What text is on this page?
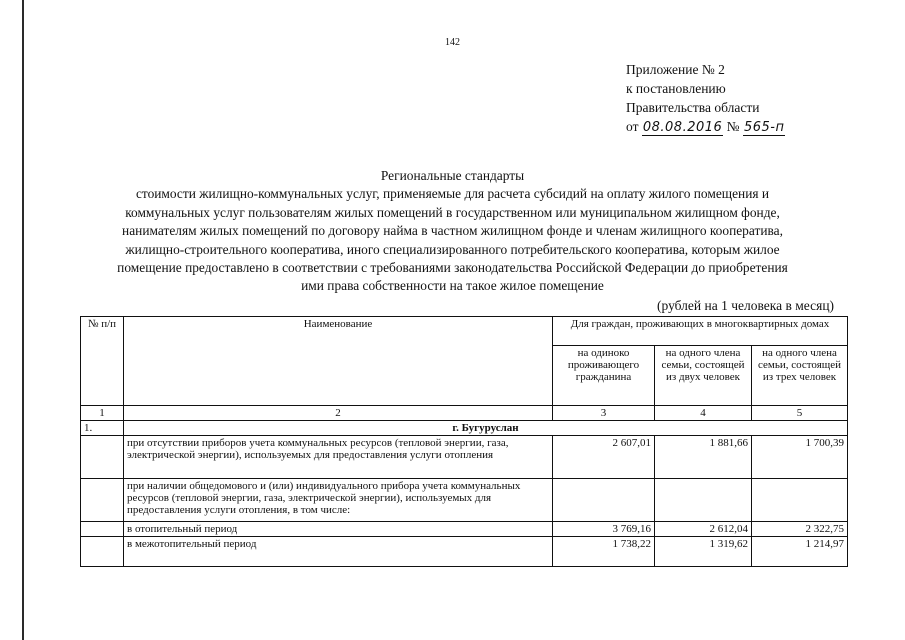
142
Приложение № 2
к постановлению
Правительства области
от 08.08.2016 № 565-п
Региональные стандарты
стоимости жилищно-коммунальных услуг, применяемые для расчета субсидий на оплату жилого помещения и
коммунальных услуг пользователям жилых помещений в государственном или муниципальном жилищном фонде,
нанимателям жилых помещений по договору найма в частном жилищном фонде и членам жилищного кооператива,
жилищно-строительного кооператива, иного специализированного потребительского кооператива, которым жилое
помещение предоставлено в соответствии с требованиями законодательства Российской Федерации до приобретения
ими права собственности на такое жилое помещение
(рублей на 1 человека в месяц)
№ п/п	Наименование	Для граждан, проживающих в многоквартирных домах		
		на одиноко проживающего гражданина	на одного члена семьи, состоящей из двух человек	на одного члена семьи, состоящей из трех человек
1	2	3	4	5
1.	г. Бугуруслан			
	при отсутствии приборов учета коммунальных ресурсов (тепловой энергии, газа, электрической энергии), используемых для предоставления услуги отопления	2 607,01	1 881,66	1 700,39
	при наличии общедомового и (или) индивидуального прибора учета коммунальных ресурсов (тепловой энергии, газа, электрической энергии), используемых для предоставления услуги отопления, в том числе:			
	в отопительный период	3 769,16	2 612,04	2 322,75
	в межотопительный период	1 738,22	1 319,62	1 214,97
